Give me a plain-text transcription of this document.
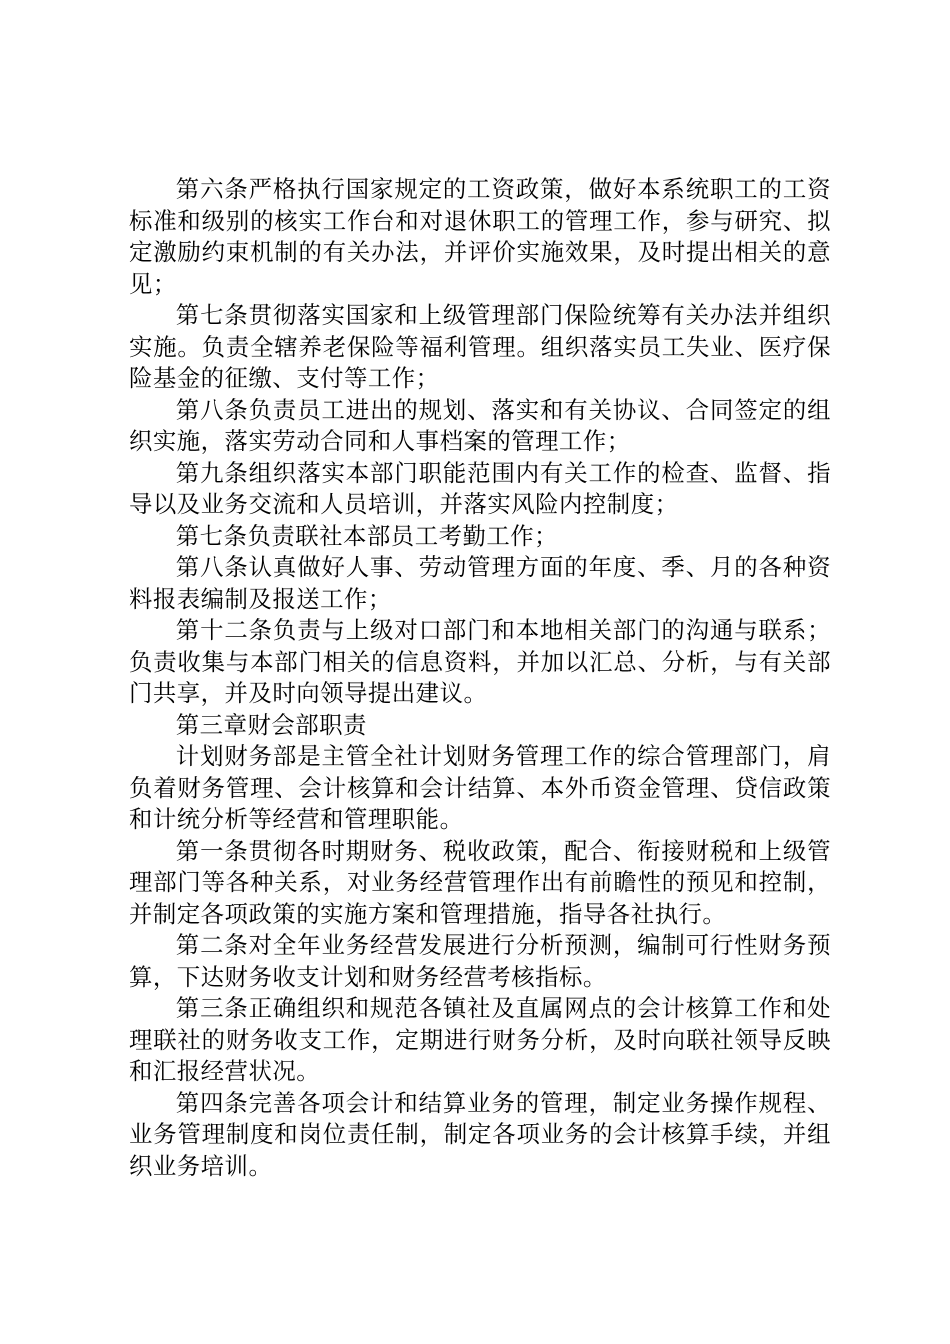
第六条严格执行国家规定的工资政策，做好本系统职工的工资标准和级别的核实工作台和对退休职工的管理工作，参与研究、拟定激励约束机制的有关办法，并评价实施效果，及时提出相关的意见；

第七条贯彻落实国家和上级管理部门保险统筹有关办法并组织实施。负责全辖养老保险等福利管理。组织落实员工失业、医疗保险基金的征缴、支付等工作；

第八条负责员工进出的规划、落实和有关协议、合同签定的组织实施，落实劳动合同和人事档案的管理工作；

第九条组织落实本部门职能范围内有关工作的检查、监督、指导以及业务交流和人员培训，并落实风险内控制度；

第七条负责联社本部员工考勤工作；

第八条认真做好人事、劳动管理方面的年度、季、月的各种资料报表编制及报送工作；

第十二条负责与上级对口部门和本地相关部门的沟通与联系；负责收集与本部门相关的信息资料，并加以汇总、分析，与有关部门共享，并及时向领导提出建议。

第三章财会部职责

计划财务部是主管全社计划财务管理工作的综合管理部门，肩负着财务管理、会计核算和会计结算、本外币资金管理、贷信政策和计统分析等经营和管理职能。

第一条贯彻各时期财务、税收政策，配合、衔接财税和上级管理部门等各种关系，对业务经营管理作出有前瞻性的预见和控制，并制定各项政策的实施方案和管理措施，指导各社执行。

第二条对全年业务经营发展进行分析预测，编制可行性财务预算，下达财务收支计划和财务经营考核指标。

第三条正确组织和规范各镇社及直属网点的会计核算工作和处理联社的财务收支工作，定期进行财务分析，及时向联社领导反映和汇报经营状况。

第四条完善各项会计和结算业务的管理，制定业务操作规程、业务管理制度和岗位责任制，制定各项业务的会计核算手续，并组织业务培训。
